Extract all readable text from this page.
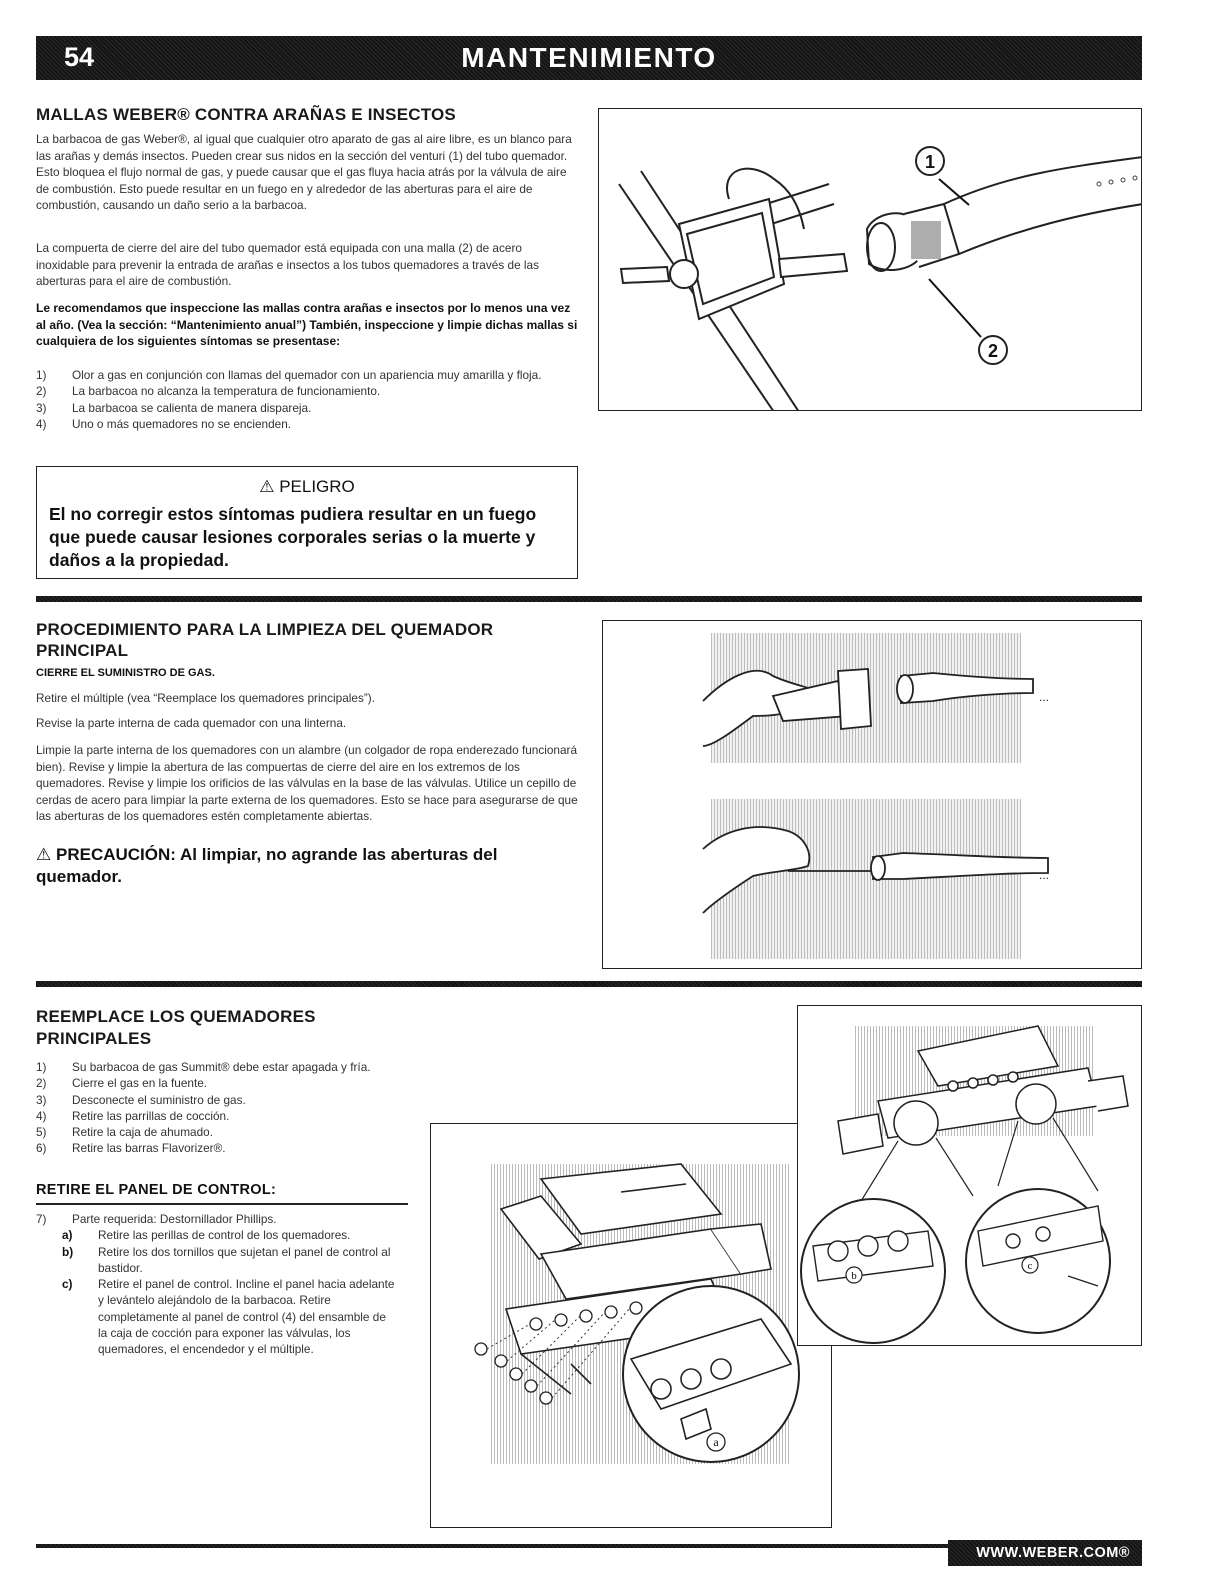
54	MANTENIMIENTO
MALLAS WEBER® CONTRA ARAÑAS E INSECTOS

La barbacoa de gas Weber®, al igual que cualquier otro aparato de gas al aire libre, es un blanco para las arañas y demás insectos. Pueden crear sus nidos en la sección del venturi (1) del tubo quemador. Esto bloquea el flujo normal de gas, y puede causar que el gas fluya hacia atrás por la válvula de aire de combustión. Esto puede resultar en un fuego en y alrededor de las aberturas para el aire de combustión, causando un daño serio a la barbacoa.

La compuerta de cierre del aire del tubo quemador está equipada con una malla (2) de acero inoxidable para prevenir la entrada de arañas e insectos a los tubos quemadores a través de las aberturas para el aire de combustión.

Le recomendamos que inspeccione las mallas contra arañas e insectos por lo menos una vez al año. (Vea la sección: “Mantenimiento anual”) También, inspeccione y limpie dichas mallas si cualquiera de los siguientes síntomas se presentase:

1)	Olor a gas en conjunción con llamas del quemador con un apariencia muy amarilla y floja.
2)	La barbacoa no alcanza la temperatura de funcionamiento.
3)	La barbacoa se calienta de manera dispareja.
4)	Uno o más quemadores no se encienden.
⚠ PELIGRO
El no corregir estos síntomas pudiera resultar en un fuego que puede causar lesiones corporales serias o la muerte y daños a la propiedad.
1
2
PROCEDIMIENTO PARA LA LIMPIEZA DEL QUEMADOR PRINCIPAL
CIERRE EL SUMINISTRO DE GAS.

Retire el múltiple (vea “Reemplace los quemadores principales”).

Revise la parte interna de cada quemador con una linterna.

Limpie la parte interna de los quemadores con un alambre (un colgador de ropa enderezado funcionará bien). Revise y limpie la abertura de las compuertas de cierre del aire en los extremos de los quemadores. Revise y limpie los orificios de las válvulas en la base de las válvulas. Utilice un cepillo de cerdas de acero para limpiar la parte externa de los quemadores. Esto se hace para asegurarse de que las aberturas de los quemadores estén completamente abiertas.

⚠ PRECAUCIÓN: Al limpiar, no agrande las aberturas del quemador.
...
...
REEMPLACE LOS QUEMADORES PRINCIPALES
1)	Su barbacoa de gas Summit® debe estar apagada y fría.
2)	Cierre el gas en la fuente.
3)	Desconecte el suministro de gas.
4)	Retire las parrillas de cocción.
5)	Retire la caja de ahumado.
6)	Retire las barras Flavorizer®.
RETIRE EL PANEL DE CONTROL:
7)	Parte requerida: Destornillador Phillips.
a)	Retire las perillas de control de los quemadores.
b)	Retire los dos tornillos que sujetan el panel de control al bastidor.
c)	Retire el panel de control. Incline el panel hacia adelante y levántelo alejándolo de la barbacoa. Retire completamente al panel de control (4) del ensamble de la caja de cocción para exponer las válvulas, los quemadores, el encendedor y el múltiple.
a
b
c
WWW.WEBER.COM®
